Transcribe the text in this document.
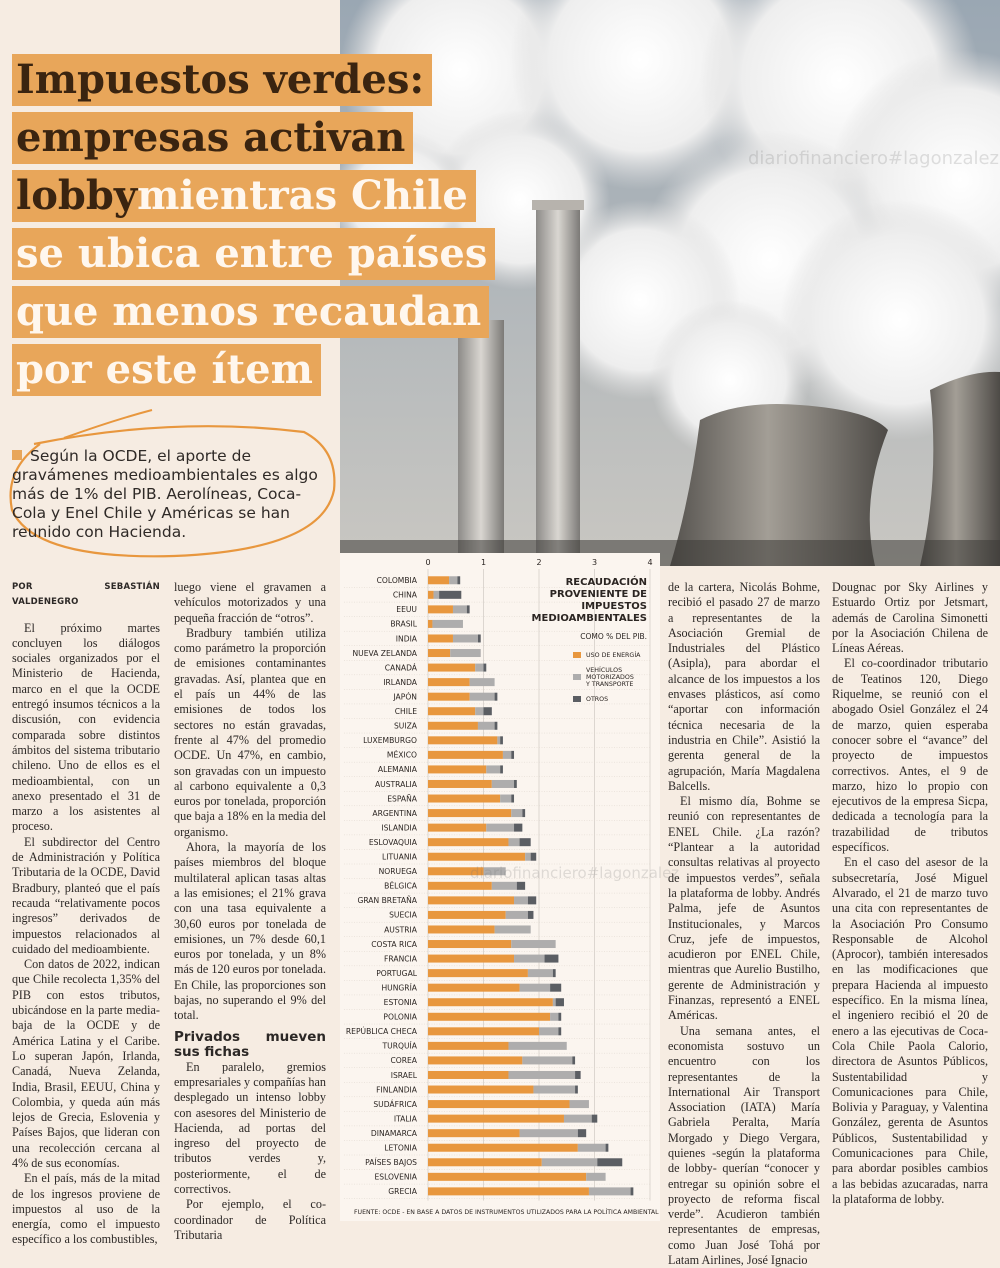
Impuestos verdes:
empresas activan
lobbymientras Chile
se ubica entre países
que menos recaudan
por este ítem
Según la OCDE, el aporte de gravámenes medioambientales es algo más de 1% del PIB. Aerolíneas, Coca-Cola y Enel Chile y Américas se han reunido con Hacienda.
POR SEBASTIÁN VALDENEGRO

El próximo martes concluyen los diálogos sociales organizados por el Ministerio de Hacienda, marco en el que la OCDE entregó insumos técnicos a la discusión, con evidencia comparada sobre distintos ámbitos del sistema tributario chileno. Uno de ellos es el medioambiental, con un anexo presentado el 31 de marzo a los asistentes al proceso.

El subdirector del Centro de Administración y Política Tributaria de la OCDE, David Bradbury, planteó que el país recauda “relativamente pocos ingresos” derivados de impuestos relacionados al cuidado del medioambiente.

Con datos de 2022, indican que Chile recolecta 1,35% del PIB con estos tributos, ubicándose en la parte media-baja de la OCDE y de América Latina y el Caribe. Lo superan Japón, Irlanda, Canadá, Nueva Zelanda, India, Brasil, EEUU, China y Colombia, y queda aún más lejos de Grecia, Eslovenia y Países Bajos, que lideran con una recolección cercana al 4% de sus economías.

En el país, más de la mitad de los ingresos proviene de impuestos al uso de la energía, como el impuesto específico a los combustibles,

luego viene el gravamen a vehículos motorizados y una pequeña fracción de “otros”.

Bradbury también utiliza como parámetro la proporción de emisiones contaminantes gravadas. Así, plantea que en el país un 44% de las emisiones de todos los sectores no están gravadas, frente al 47% del promedio OCDE. Un 47%, en cambio, son gravadas con un impuesto al carbono equivalente a 0,3 euros por tonelada, proporción que baja a 18% en la media del organismo.

Ahora, la mayoría de los países miembros del bloque multilateral aplican tasas altas a las emisiones; el 21% grava con una tasa equivalente a 30,60 euros por tonelada de emisiones, un 7% desde 60,1 euros por tonelada, y un 8% más de 120 euros por tonelada. En Chile, las proporciones son bajas, no superando el 9% del total.

Privados mueven sus fichas

En paralelo, gremios empresariales y compañías han desplegado un intenso lobby con asesores del Ministerio de Hacienda, ad portas del ingreso del proyecto de tributos verdes y, posteriormente, el de correctivos.

Por ejemplo, el co-coordinador de Política Tributaria

de la cartera, Nicolás Bohme, recibió el pasado 27 de marzo a representantes de la Asociación Gremial de Industriales del Plástico (Asipla), para abordar el alcance de los impuestos a los envases plásticos, así como “aportar con información técnica necesaria de la industria en Chile”. Asistió la gerenta general de la agrupación, María Magdalena Balcells.

El mismo día, Bohme se reunió con representantes de ENEL Chile. ¿La razón? “Plantear a la autoridad consultas relativas al proyecto de impuestos verdes”, señala la plataforma de lobby. Andrés Palma, jefe de Asuntos Institucionales, y Marcos Cruz, jefe de impuestos, acudieron por ENEL Chile, mientras que Aurelio Bustilho, gerente de Administración y Finanzas, representó a ENEL Américas.

Una semana antes, el economista sostuvo un encuentro con los representantes de la International Air Transport Association (IATA) María Gabriela Peralta, María Morgado y Diego Vergara, quienes -según la plataforma de lobby- querían “conocer y entregar su opinión sobre el proyecto de reforma fiscal verde”. Acudieron también representantes de empresas, como Juan José Tohá por Latam Airlines, José Ignacio

Dougnac por Sky Airlines y Estuardo Ortiz por Jetsmart, además de Carolina Simonetti por la Asociación Chilena de Líneas Aéreas.

El co-coordinador tributario de Teatinos 120, Diego Riquelme, se reunió con el abogado Osiel González el 24 de marzo, quien esperaba conocer sobre el “avance” del proyecto de impuestos correctivos. Antes, el 9 de marzo, hizo lo propio con ejecutivos de la empresa Sicpa, dedicada a tecnología para la trazabilidad de tributos específicos.

En el caso del asesor de la subsecretaría, José Miguel Alvarado, el 21 de marzo tuvo una cita con representantes de la Asociación Pro Consumo Responsable de Alcohol (Aprocor), también interesados en las modificaciones que prepara Hacienda al impuesto específico. En la misma línea, el ingeniero recibió el 20 de enero a las ejecutivas de Coca-Cola Chile Paola Calorio, directora de Asuntos Públicos, Sustentabilidad y Comunicaciones para Chile, Bolivia y Paraguay, y Valentina González, gerenta de Asuntos Públicos, Sustentabilidad y Comunicaciones para Chile, para abordar posibles cambios a las bebidas azucaradas, narra la plataforma de lobby.

0	1	2	3	4
COLOMBIA
CHINA
EEUU
BRASIL
INDIA
NUEVA ZELANDA
CANADÁ
IRLANDA
JAPÓN
CHILE
SUIZA
LUXEMBURGO
MÉXICO
ALEMANIA
AUSTRALIA
ESPAÑA
ARGENTINA
ISLANDIA
ESLOVAQUIA
LITUANIA
NORUEGA
BÉLGICA
GRAN BRETAÑA
SUECIA
AUSTRIA
COSTA RICA
FRANCIA
PORTUGAL
HUNGRÍA
ESTONIA
POLONIA
REPÚBLICA CHECA
TURQUÍA
COREA
ISRAEL
FINLANDIA
SUDÁFRICA
ITALIA
DINAMARCA
LETONIA
PAÍSES BAJOS
ESLOVENIA
GRECIA
RECAUDACIÓN
PROVENIENTE DE
IMPUESTOS
MEDIOAMBIENTALES
COMO % DEL PIB.
USO DE ENERGÍA
VEHÍCULOS
MOTORIZADOS
Y TRANSPORTE
OTROS
FUENTE: OCDE - EN BASE A DATOS DE INSTRUMENTOS UTILIZADOS PARA LA POLÍTICA AMBIENTAL
diariofinanciero#lagonzalez
diariofinanciero#lagonzalez
